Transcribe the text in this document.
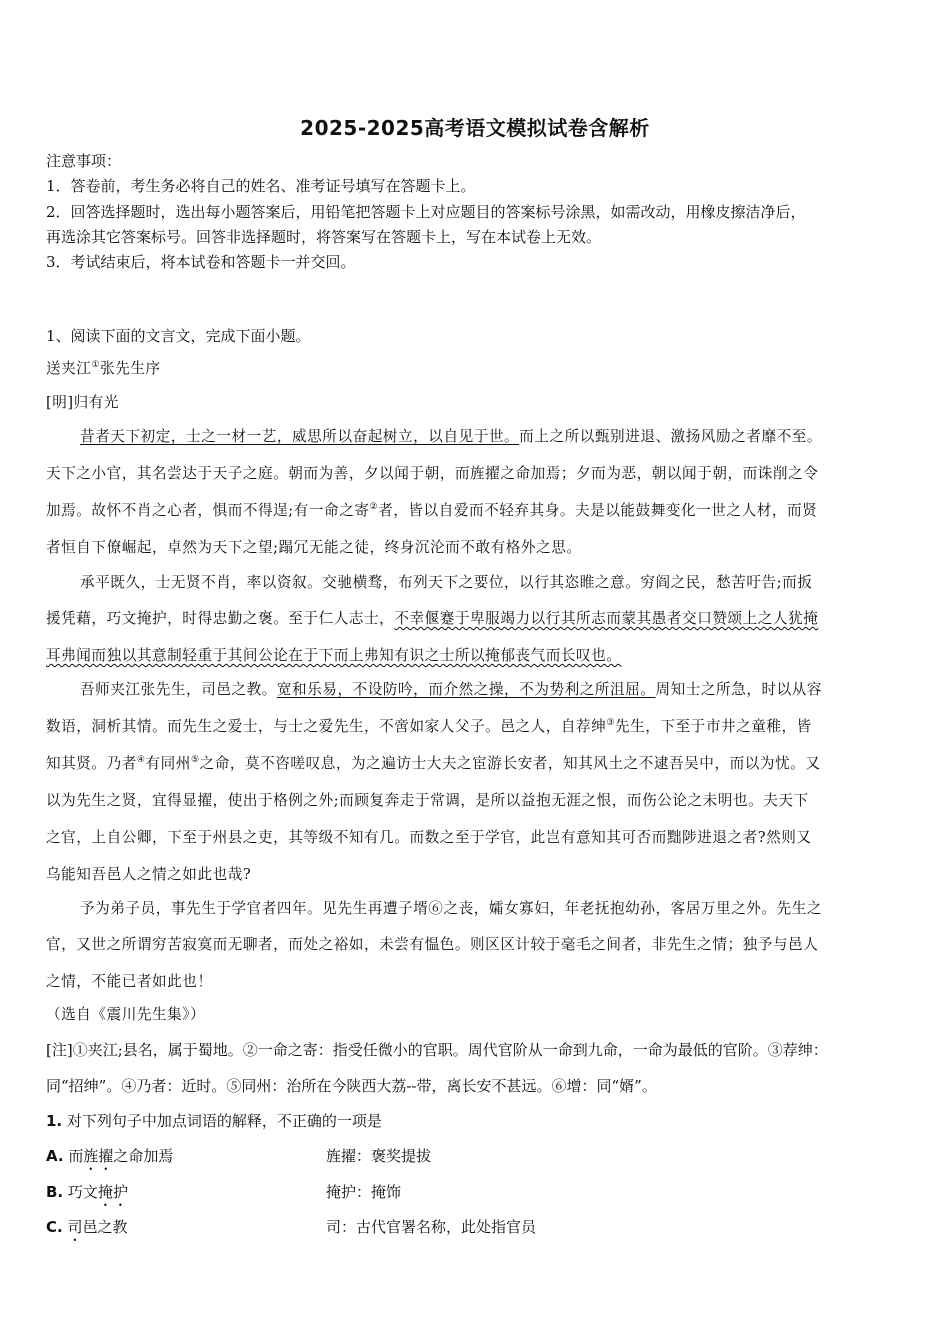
2025-2025高考语文模拟试卷含解析
注意事项：
1．答卷前，考生务必将自己的姓名、准考证号填写在答题卡上。
2．回答选择题时，选出每小题答案后，用铅笔把答题卡上对应题目的答案标号涂黑，如需改动，用橡皮擦洁净后，
再选涂其它答案标号。回答非选择题时，将答案写在答题卡上，写在本试卷上无效。
3．考试结束后，将本试卷和答题卡一并交回。
1、阅读下面的文言文，完成下面小题。
送夹江①张先生序
[明]归有光
昔者天下初定，士之一材一艺，威思所以奋起树立，以自见于世。而上之所以甄别进退、激扬风励之者靡不至。
天下之小官，其名尝达于天子之庭。朝而为善，夕以闻于朝，而旌擢之命加焉；夕而为恶，朝以闻于朝，而诛削之令
加焉。故怀不肖之心者，惧而不得逞;有一命之寄②者，皆以自爱而不轻弃其身。夫是以能鼓舞变化一世之人材，而贤
者恒自下僚崛起，卓然为天下之望;蹋冗无能之徒，终身沉沦而不敢有格外之思。
承平既久，士无贤不肖，率以资叙。交驰横骛，布列天下之要位，以行其恣睢之意。穷阎之民，愁苦吁告;而扳
援凭藉，巧文掩护，时得忠勤之褒。至于仁人志士，不幸偃蹇于卑服竭力以行其所志而蒙其愚者交口赞颂上之人犹掩
耳弗闻而独以其意制轻重于其间公论在于下而上弗知有识之士所以掩郁丧气而长叹也。
吾师夹江张先生，司邑之教。宽和乐易，不设防吟，而介然之操，不为势利之所沮屈。周知士之所急，时以从容
数语，洞析其情。而先生之爱士，与士之爱先生，不啻如家人父子。邑之人，自荐绅③先生，下至于市井之童稚，皆
知其贤。乃者④有同州⑤之命，莫不咨嗟叹息，为之遍访士大夫之宦游长安者，知其风土之不逮吾吴中，而以为忧。又
以为先生之贤，宜得显擢，使出于格例之外;而顾复奔走于常调，是所以益抱无涯之恨，而伤公论之未明也。夫天下
之官，上自公卿，下至于州县之吏，其等级不知有几。而数之至于学官，此岂有意知其可否而黜陟进退之者?然则又
乌能知吾邑人之情之如此也哉?
予为弟子员，事先生于学官者四年。见先生再遭子壻⑥之丧，孀女寡妇，年老抚抱幼孙，客居万里之外。先生之
官，又世之所谓穷苦寂寞而无聊者，而处之裕如，未尝有愠色。则区区计较于毫毛之间者，非先生之情；独予与邑人
之情，不能已者如此也！
（选自《震川先生集》）
[注]①夹江;县名，属于蜀地。②一命之寄：指受任微小的官职。周代官阶从一命到九命，一命为最低的官阶。③荐绅：
同“招绅”。④乃者：近时。⑤同州：治所在今陕西大荔--带，离长安不甚远。⑥增：同“婿”。
1. 对下列句子中加点词语的解释，不正确的一项是
A. 而旌擢之命加焉	旌擢：褒奖提拔
B. 巧文掩护	掩护：掩饰
C. 司邑之教	司：古代官署名称，此处指官员
